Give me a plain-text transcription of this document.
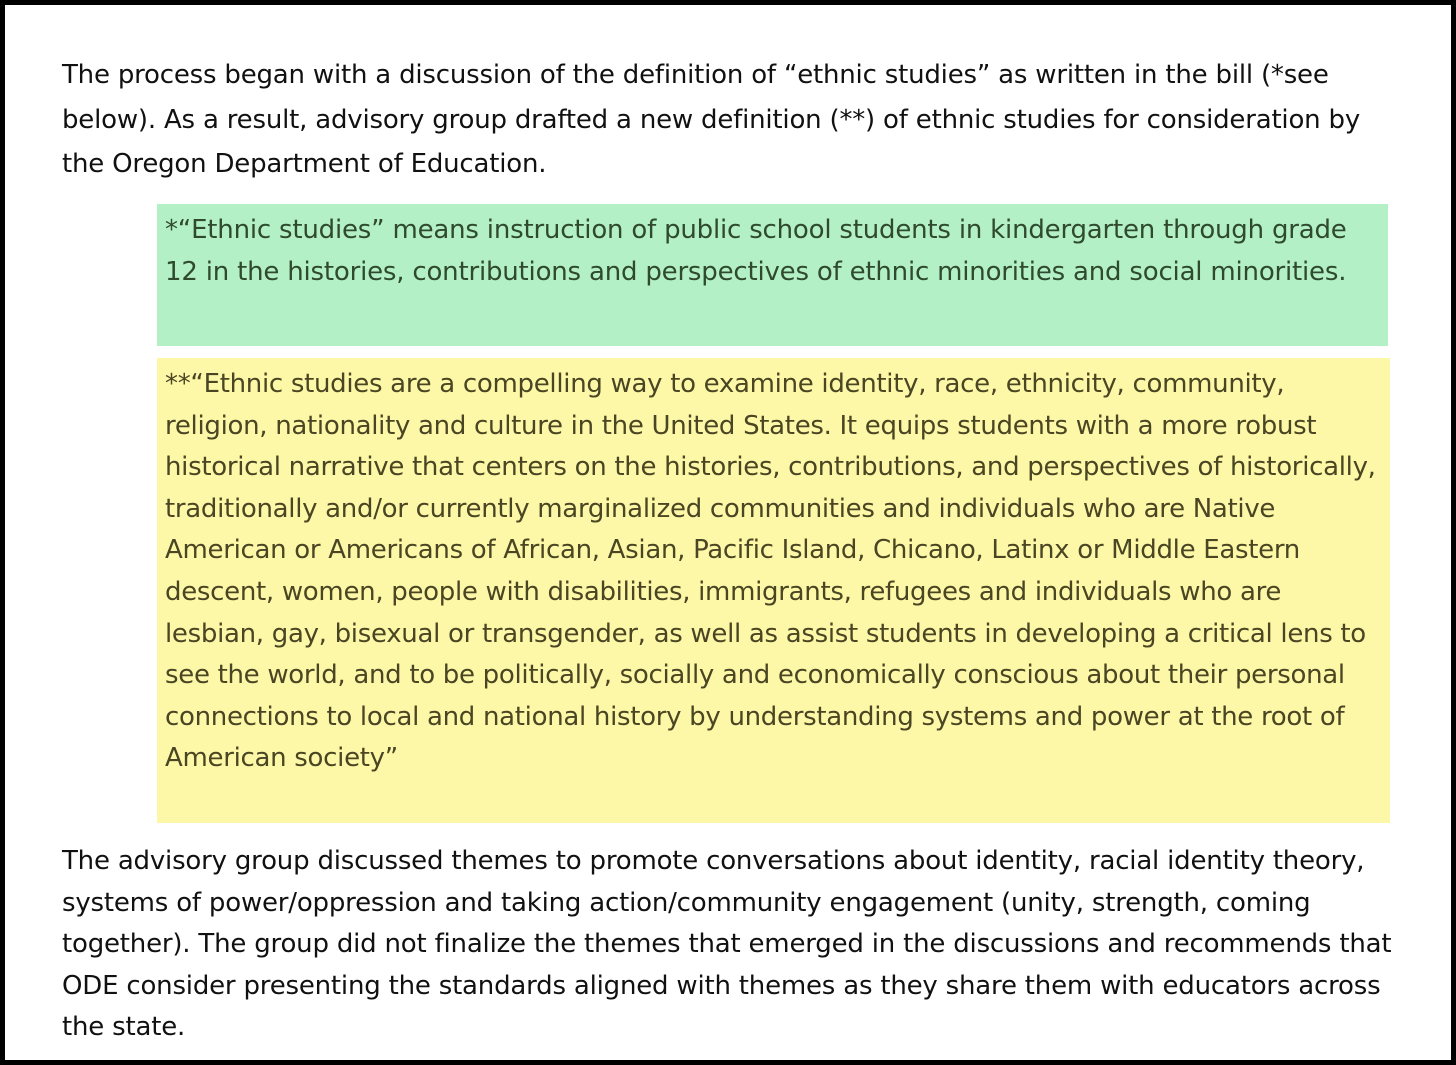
The process began with a discussion of the definition of “ethnic studies” as written in the bill (*see below). As a result, advisory group drafted a new definition (**) of ethnic studies for consideration by the Oregon Department of Education.

*“Ethnic studies” means instruction of public school students in kindergarten through grade 12 in the histories, contributions and perspectives of ethnic minorities and social minorities.
**“Ethnic studies are a compelling way to examine identity, race, ethnicity, community, religion, nationality and culture in the United States. It equips students with a more robust historical narrative that centers on the histories, contributions, and perspectives of historically, traditionally and/or currently marginalized communities and individuals who are Native American or Americans of African, Asian, Pacific Island, Chicano, Latinx or Middle Eastern descent, women, people with disabilities, immigrants, refugees and individuals who are lesbian, gay, bisexual or transgender, as well as assist students in developing a critical lens to see the world, and to be politically, socially and economically conscious about their personal connections to local and national history by understanding systems and power at the root of American society”

The advisory group discussed themes to promote conversations about identity, racial identity theory, systems of power/oppression and taking action/community engagement (unity, strength, coming together). The group did not finalize the themes that emerged in the discussions and recommends that ODE consider presenting the standards aligned with themes as they share them with educators across the state.
